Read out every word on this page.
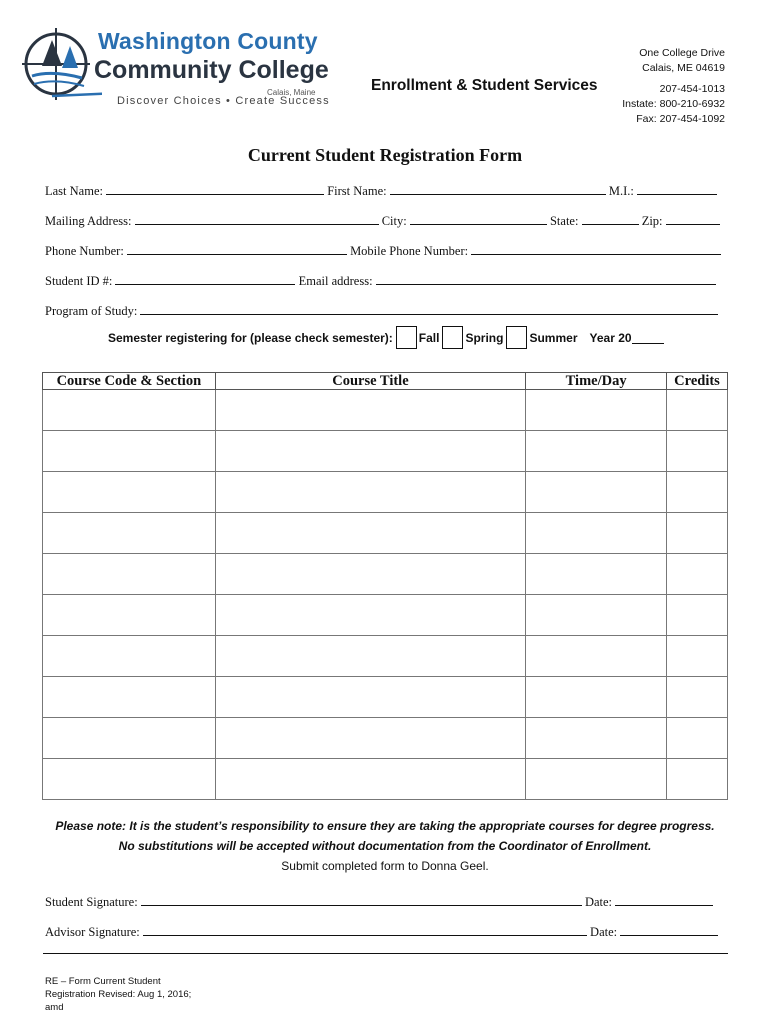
Washington County
Community College
Calais, Maine
Discover Choices • Create Success
Enrollment & Student Services
One College Drive
Calais, ME 04619
207-454-1013
Instate: 800-210-6932
Fax: 207-454-1092
Current Student Registration Form
Last Name:	First Name:	M.I.:
Mailing Address:	City:	State:	Zip:
Phone Number:	Mobile Phone Number:
Student ID #:	Email address:
Program of Study:
Semester registering for (please check semester): Fall Spring Summer Year 20
Course Code & Section	Course Title	Time/Day	Credits

Please note: It is the student’s responsibility to ensure they are taking the appropriate courses for degree progress.
No substitutions will be accepted without documentation from the Coordinator of Enrollment.
Submit completed form to Donna Geel.
Student Signature:	Date:
Advisor Signature:	Date:
RE – Form Current Student
Registration Revised: Aug 1, 2016;
amd
